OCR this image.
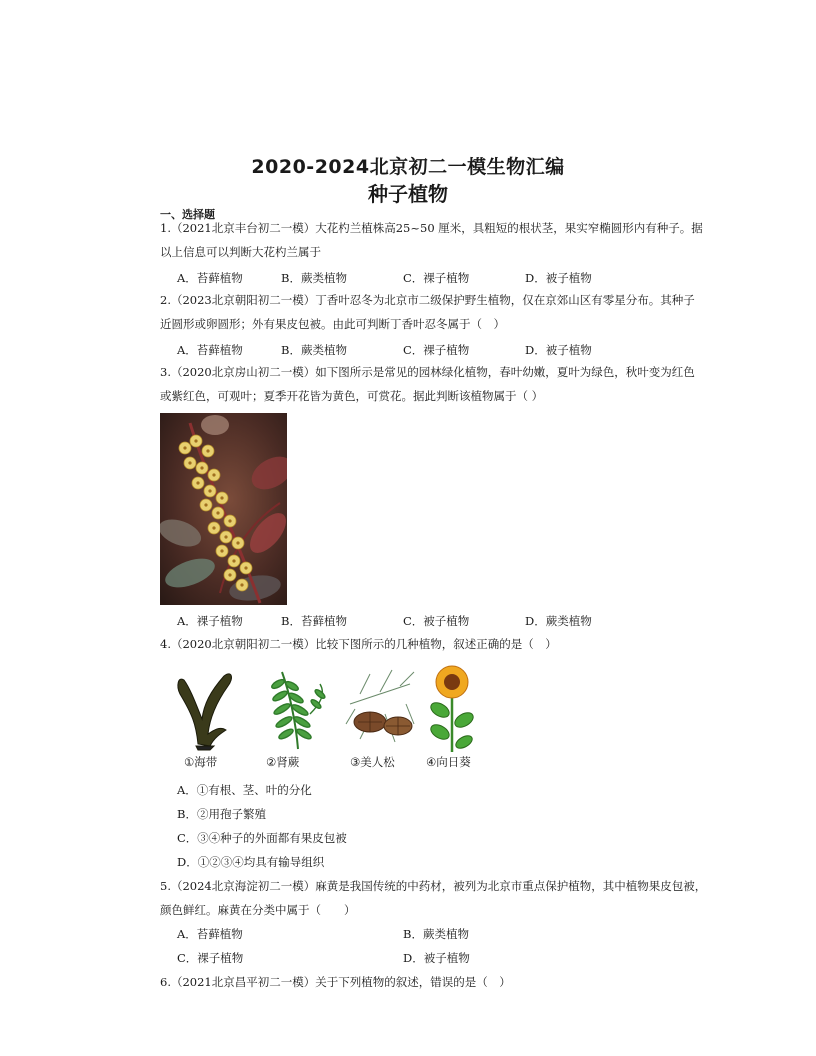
2020-2024北京初二一模生物汇编
种子植物
一、选择题
1.（2021北京丰台初二一模）大花杓兰植株高25~50 厘米，具粗短的根状茎，果实窄椭圆形内有种子。据
以上信息可以判断大花杓兰属于
A．苔藓植物	B．蕨类植物	C．裸子植物	D．被子植物
2.（2023北京朝阳初二一模）丁香叶忍冬为北京市二级保护野生植物，仅在京郊山区有零星分布。其种子
近圆形或卵圆形；外有果皮包被。由此可判断丁香叶忍冬属于（　）
A．苔藓植物	B．蕨类植物	C．裸子植物	D．被子植物
3.（2020北京房山初二一模）如下图所示是常见的园林绿化植物，春叶幼嫩，夏叶为绿色，秋叶变为红色
或紫红色，可观叶；夏季开花皆为黄色，可赏花。据此判断该植物属于（ ）
A．裸子植物	B．苔藓植物	C．被子植物	D．蕨类植物
4.（2020北京朝阳初二一模）比较下图所示的几种植物，叙述正确的是（　）
①海带	②肾蕨	③美人松	④向日葵
A．①有根、茎、叶的分化
B．②用孢子繁殖
C．③④种子的外面都有果皮包被
D．①②③④均具有输导组织
5.（2024北京海淀初二一模）麻黄是我国传统的中药材，被列为北京市重点保护植物，其中植物果皮包被，
颜色鲜红。麻黄在分类中属于（　　）
A．苔藓植物	B．蕨类植物
C．裸子植物	D．被子植物
6.（2021北京昌平初二一模）关于下列植物的叙述，错误的是（　）
